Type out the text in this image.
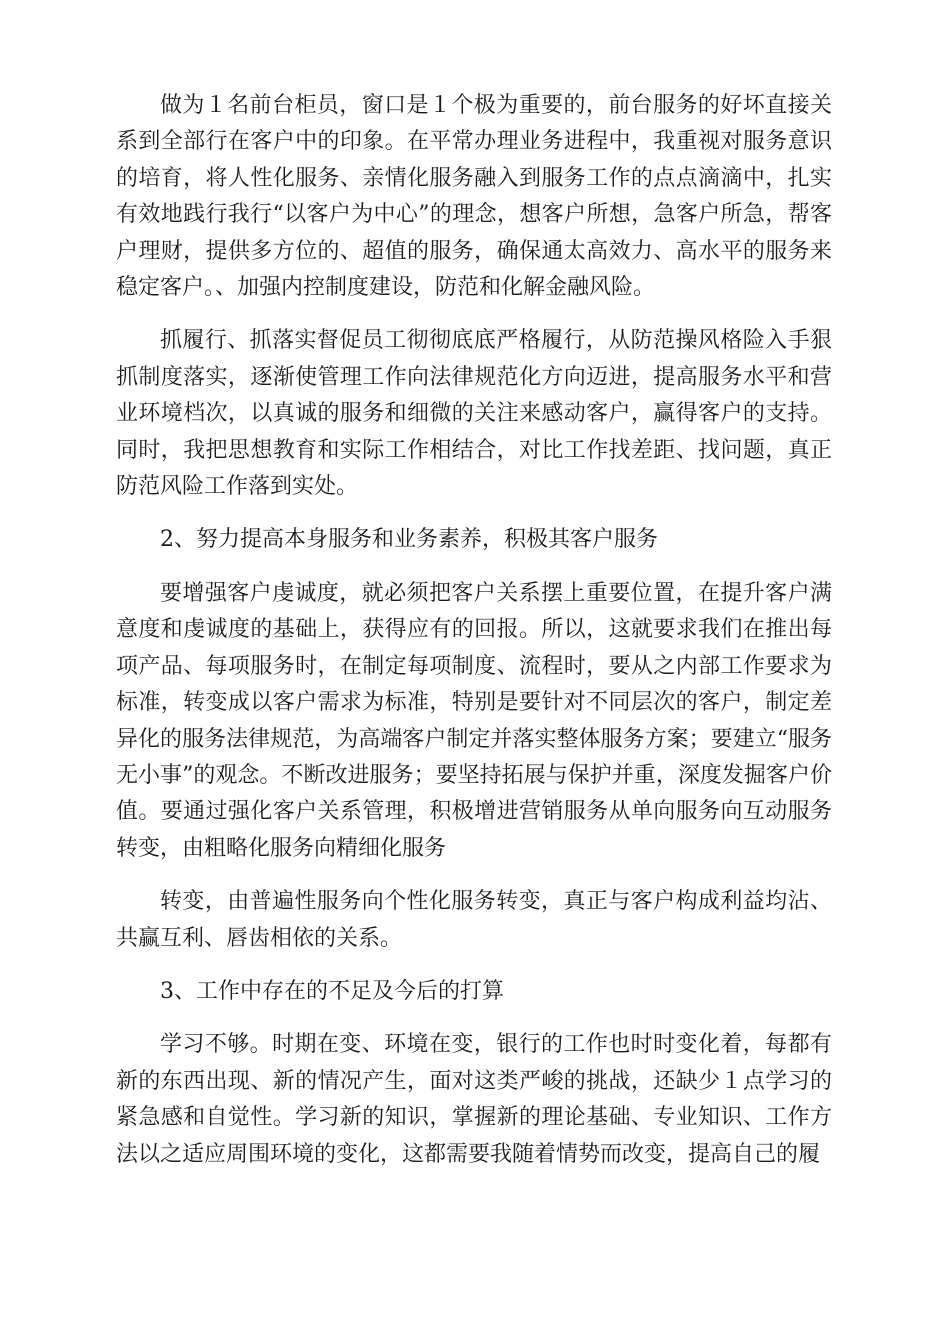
做为１名前台柜员，窗口是１个极为重要的，前台服务的好坏直接关系到全部行在客户中的印象。在平常办理业务进程中，我重视对服务意识的培育，将人性化服务、亲情化服务融入到服务工作的点点滴滴中，扎实有效地践行我行“以客户为中心”的理念，想客户所想，急客户所急，帮客户理财，提供多方位的、超值的服务，确保通太高效力、高水平的服务来稳定客户。、加强内控制度建设，防范和化解金融风险。

抓履行、抓落实督促员工彻彻底底严格履行，从防范操风格险入手狠抓制度落实，逐渐使管理工作向法律规范化方向迈进，提高服务水平和营业环境档次，以真诚的服务和细微的关注来感动客户，赢得客户的支持。同时，我把思想教育和实际工作相结合，对比工作找差距、找问题，真正防范风险工作落到实处。

2、努力提高本身服务和业务素养，积极其客户服务

要增强客户虔诚度，就必须把客户关系摆上重要位置，在提升客户满意度和虔诚度的基础上，获得应有的回报。所以，这就要求我们在推出每项产品、每项服务时，在制定每项制度、流程时，要从之内部工作要求为标准，转变成以客户需求为标准，特别是要针对不同层次的客户，制定差异化的服务法律规范，为高端客户制定并落实整体服务方案；要建立“服务无小事”的观念。不断改进服务；要坚持拓展与保护并重，深度发掘客户价值。要通过强化客户关系管理，积极增进营销服务从单向服务向互动服务转变，由粗略化服务向精细化服务

转变，由普遍性服务向个性化服务转变，真正与客户构成利益均沾、共赢互利、唇齿相依的关系。

3、工作中存在的不足及今后的打算

学习不够。时期在变、环境在变，银行的工作也时时变化着，每都有新的东西出现、新的情况产生，面对这类严峻的挑战，还缺少１点学习的紧急感和自觉性。学习新的知识，掌握新的理论基础、专业知识、工作方法以之适应周围环境的变化，这都需要我随着情势而改变，提高自己的履
